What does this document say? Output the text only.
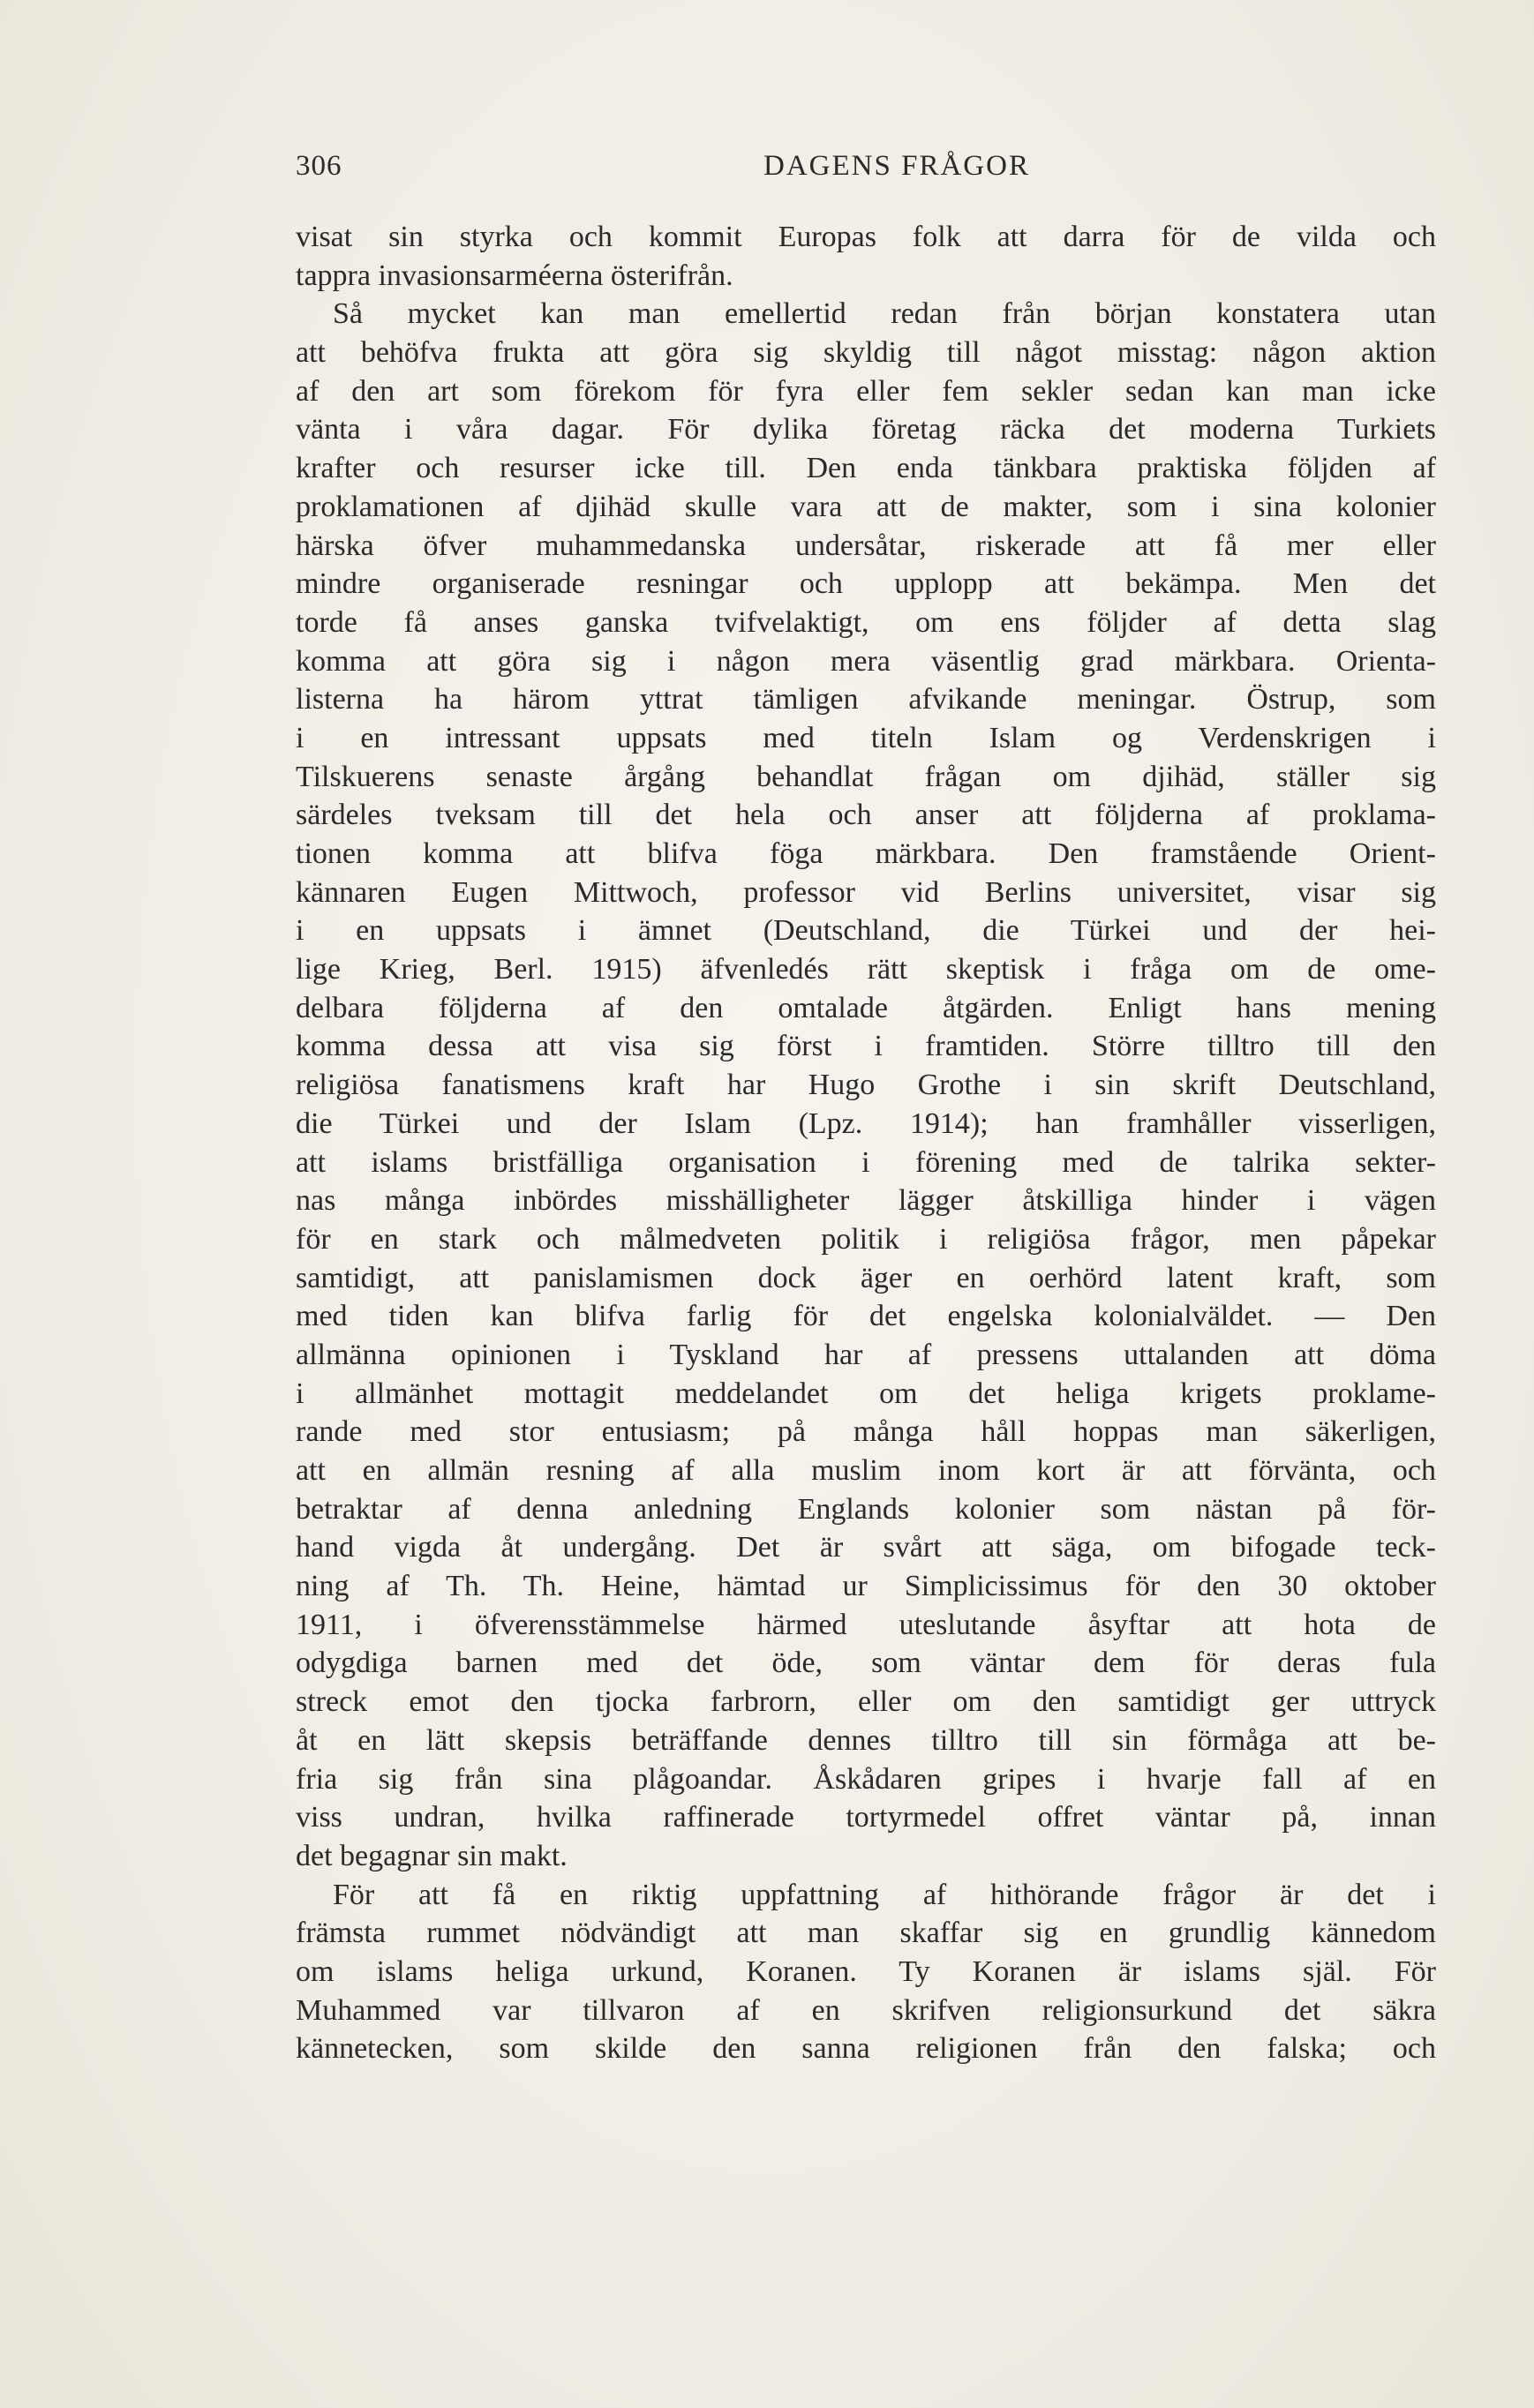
306	DAGENS FRÅGOR
visat sin styrka och kommit Europas folk att darra för de vilda och
tappra invasionsarméerna österifrån.
Så mycket kan man emellertid redan från början konstatera utan
att behöfva frukta att göra sig skyldig till något misstag: någon aktion
af den art som förekom för fyra eller fem sekler sedan kan man icke
vänta i våra dagar. För dylika företag räcka det moderna Turkiets
krafter och resurser icke till. Den enda tänkbara praktiska följden af
proklamationen af djihäd skulle vara att de makter, som i sina kolonier
härska öfver muhammedanska undersåtar, riskerade att få mer eller
mindre organiserade resningar och upplopp att bekämpa. Men det
torde få anses ganska tvifvelaktigt, om ens följder af detta slag
komma att göra sig i någon mera väsentlig grad märkbara. Orienta-
listerna ha härom yttrat tämligen afvikande meningar. Östrup, som
i en intressant uppsats med titeln Islam og Verdenskrigen i
Tilskuerens senaste årgång behandlat frågan om djihäd, ställer sig
särdeles tveksam till det hela och anser att följderna af proklama-
tionen komma att blifva föga märkbara. Den framstående Orient-
kännaren Eugen Mittwoch, professor vid Berlins universitet, visar sig
i en uppsats i ämnet (Deutschland, die Türkei und der hei-
lige Krieg, Berl. 1915) äfvenledés rätt skeptisk i fråga om de ome-
delbara följderna af den omtalade åtgärden. Enligt hans mening
komma dessa att visa sig först i framtiden. Större tilltro till den
religiösa fanatismens kraft har Hugo Grothe i sin skrift Deutschland,
die Türkei und der Islam (Lpz. 1914); han framhåller visserligen,
att islams bristfälliga organisation i förening med de talrika sekter-
nas många inbördes misshälligheter lägger åtskilliga hinder i vägen
för en stark och målmedveten politik i religiösa frågor, men påpekar
samtidigt, att panislamismen dock äger en oerhörd latent kraft, som
med tiden kan blifva farlig för det engelska kolonialväldet. — Den
allmänna opinionen i Tyskland har af pressens uttalanden att döma
i allmänhet mottagit meddelandet om det heliga krigets proklame-
rande med stor entusiasm; på många håll hoppas man säkerligen,
att en allmän resning af alla muslim inom kort är att förvänta, och
betraktar af denna anledning Englands kolonier som nästan på för-
hand vigda åt undergång. Det är svårt att säga, om bifogade teck-
ning af Th. Th. Heine, hämtad ur Simplicissimus för den 30 oktober
1911, i öfverensstämmelse härmed uteslutande åsyftar att hota de
odygdiga barnen med det öde, som väntar dem för deras fula
streck emot den tjocka farbrorn, eller om den samtidigt ger uttryck
åt en lätt skepsis beträffande dennes tilltro till sin förmåga att be-
fria sig från sina plågoandar. Åskådaren gripes i hvarje fall af en
viss undran, hvilka raffinerade tortyrmedel offret väntar på, innan
det begagnar sin makt.
För att få en riktig uppfattning af hithörande frågor är det i
främsta rummet nödvändigt att man skaffar sig en grundlig kännedom
om islams heliga urkund, Koranen. Ty Koranen är islams själ. För
Muhammed var tillvaron af en skrifven religionsurkund det säkra
kännetecken, som skilde den sanna religionen från den falska; och
